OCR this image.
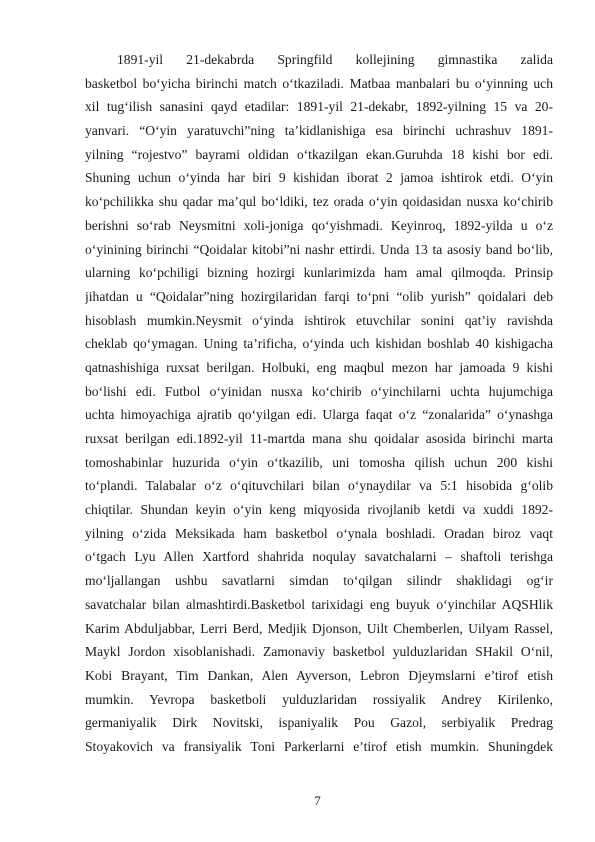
1891-yil 21-dekabrda Springfild kollejining gimnastika zalida
basketbol bo‘yicha birinchi match o‘tkaziladi. Matbaa manbalari bu o‘yinning uch
xil tug‘ilish sanasini qayd etadilar: 1891-yil 21-dekabr, 1892-yilning 15 va 20-
yanvari. “O‘yin yaratuvchi”ning ta’kidlanishiga esa birinchi uchrashuv 1891-
yilning “rojestvo” bayrami oldidan o‘tkazilgan ekan.Guruhda 18 kishi bor edi.
Shuning uchun o‘yinda har biri 9 kishidan iborat 2 jamoa ishtirok etdi. O‘yin
ko‘pchilikka shu qadar ma’qul bo‘ldiki, tez orada o‘yin qoidasidan nusxa ko‘chirib
berishni so‘rab Neysmitni xoli-joniga qo‘yishmadi. Keyinroq, 1892-yilda u o‘z
o‘yinining birinchi “Qoidalar kitobi”ni nashr ettirdi. Unda 13 ta asosiy band bo‘lib,
ularning ko‘pchiligi bizning hozirgi kunlarimizda ham amal qilmoqda. Prinsip
jihatdan u “Qoidalar”ning hozirgilaridan farqi to‘pni “olib yurish” qoidalari deb
hisoblash mumkin.Neysmit o‘yinda ishtirok etuvchilar sonini qat’iy ravishda
cheklab qo‘ymagan. Uning ta’rificha, o‘yinda uch kishidan boshlab 40 kishigacha
qatnashishiga ruxsat berilgan. Holbuki, eng maqbul mezon har jamoada 9 kishi
bo‘lishi edi. Futbol o‘yinidan nusxa ko‘chirib o‘yinchilarni uchta hujumchiga
uchta himoyachiga ajratib qo‘yilgan edi. Ularga faqat o‘z “zonalarida” o‘ynashga
ruxsat berilgan edi.1892-yil 11-martda mana shu qoidalar asosida birinchi marta
tomoshabinlar huzurida o‘yin o‘tkazilib, uni tomosha qilish uchun 200 kishi
to‘plandi. Talabalar o‘z o‘qituvchilari bilan o‘ynaydilar va 5:1 hisobida g‘olib
chiqtilar. Shundan keyin o‘yin keng miqyosida rivojlanib ketdi va xuddi 1892-
yilning o‘zida Meksikada ham basketbol o‘ynala boshladi. Oradan biroz vaqt
o‘tgach Lyu Allen Xartford shahrida noqulay savatchalarni – shaftoli terishga
mo‘ljallangan ushbu savatlarni simdan to‘qilgan silindr shaklidagi og‘ir
savatchalar bilan almashtirdi.Basketbol tarixidagi eng buyuk o‘yinchilar AQSHlik
Karim Abduljabbar, Lerri Berd, Medjik Djonson, Uilt Chemberlen, Uilyam Rassel,
Maykl Jordon xisoblanishadi. Zamonaviy basketbol yulduzlaridan SHakil O‘nil,
Kobi Brayant, Tim Dankan, Alen Ayverson, Lebron Djeymslarni e’tirof etish
mumkin. Yevropa basketboli yulduzlaridan rossiyalik Andrey Kirilenko,
germaniyalik Dirk Novitski, ispaniyalik Pou Gazol, serbiyalik Predrag
Stoyakovich va fransiyalik Toni Parkerlarni e’tirof etish mumkin. Shuningdek
7
